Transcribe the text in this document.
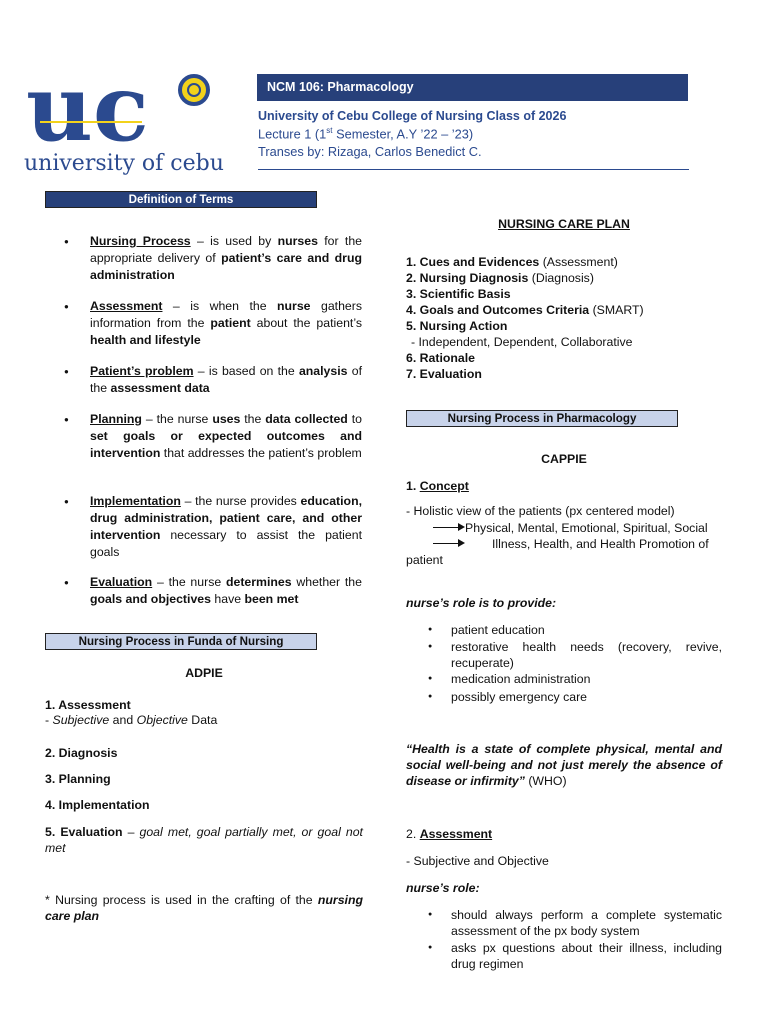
uc
university of cebu
NCM 106: Pharmacology
University of Cebu College of Nursing Class of 2026
Lecture 1 (1st Semester, A.Y ’22 – ’23)
Transes by: Rizaga, Carlos Benedict C.
Definition of Terms
● Nursing Process – is used by nurses for the appropriate delivery of patient’s care and drug administration
● Assessment – is when the nurse gathers information from the patient about the patient’s health and lifestyle
● Patient’s problem – is based on the analysis of the assessment data
● Planning – the nurse uses the data collected to set goals or expected outcomes and intervention that addresses the patient’s problem
● Implementation – the nurse provides education, drug administration, patient care, and other intervention necessary to assist the patient goals
● Evaluation – the nurse determines whether the goals and objectives have been met
Nursing Process in Funda of Nursing
ADPIE
1. Assessment
- Subjective and Objective Data
2. Diagnosis
3. Planning
4. Implementation
5. Evaluation – goal met, goal partially met, or goal not met
* Nursing process is used in the crafting of the nursing care plan
NURSING CARE PLAN
1. Cues and Evidences (Assessment)
2. Nursing Diagnosis (Diagnosis)
3. Scientific Basis
4. Goals and Outcomes Criteria (SMART)
5. Nursing Action
- Independent, Dependent, Collaborative
6. Rationale
7. Evaluation
Nursing Process in Pharmacology
CAPPIE
1. Concept
- Holistic view of the patients (px centered model)
Physical, Mental, Emotional, Spiritual, Social
Illness, Health, and Health Promotion of
patient
nurse’s role is to provide:
● patient education
● restorative health needs (recovery, revive, recuperate)
● medication administration
● possibly emergency care
“Health is a state of complete physical, mental and social well-being and not just merely the absence of disease or infirmity” (WHO)
2. Assessment
- Subjective and Objective
nurse’s role:
● should always perform a complete systematic assessment of the px body system
● asks px questions about their illness, including drug regimen
